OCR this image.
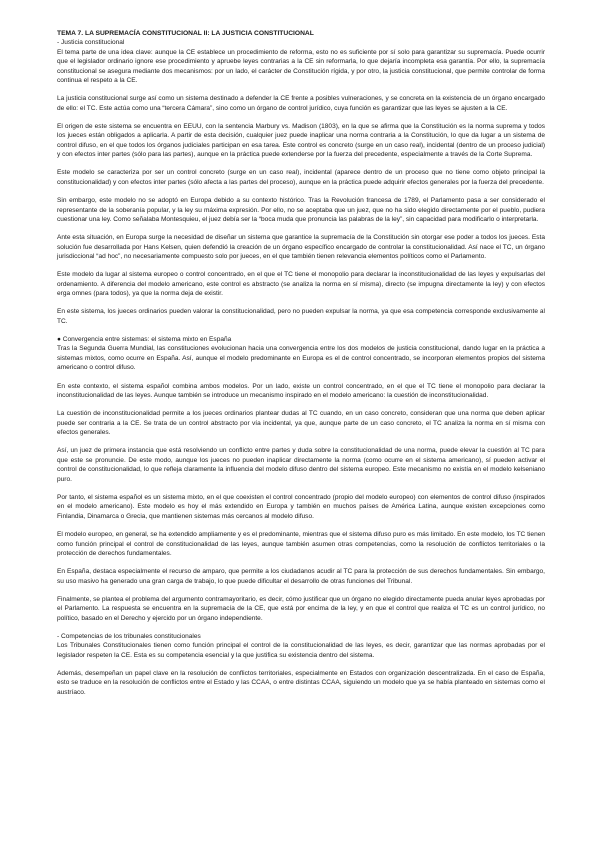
TEMA 7. LA SUPREMACÍA CONSTITUCIONAL II: LA JUSTICIA CONSTITUCIONAL
- Justicia constitucional

El tema parte de una idea clave: aunque la CE establece un procedimiento de reforma, esto no es suficiente por sí solo para garantizar su supremacía. Puede ocurrir que el legislador ordinario ignore ese procedimiento y apruebe leyes contrarias a la CE sin reformarla, lo que dejaría incompleta esa garantía. Por ello, la supremacía constitucional se asegura mediante dos mecanismos: por un lado, el carácter de Constitución rígida, y por otro, la justicia constitucional, que permite controlar de forma continua el respeto a la CE.

La justicia constitucional surge así como un sistema destinado a defender la CE frente a posibles vulneraciones, y se concreta en la existencia de un órgano encargado de ello: el TC. Este actúa como una “tercera Cámara”, sino como un órgano de control jurídico, cuya función es garantizar que las leyes se ajusten a la CE.

El origen de este sistema se encuentra en EEUU, con la sentencia Marbury vs. Madison (1803), en la que se afirma que la Constitución es la norma suprema y todos los jueces están obligados a aplicarla. A partir de esta decisión, cualquier juez puede inaplicar una norma contraria a la Constitución, lo que da lugar a un sistema de control difuso, en el que todos los órganos judiciales participan en esa tarea. Este control es concreto (surge en un caso real), incidental (dentro de un proceso judicial) y con efectos inter partes (sólo para las partes), aunque en la práctica puede extenderse por la fuerza del precedente, especialmente a través de la Corte Suprema.

Este modelo se caracteriza por ser un control concreto (surge en un caso real), incidental (aparece dentro de un proceso que no tiene como objeto principal la constitucionalidad) y con efectos inter partes (sólo afecta a las partes del proceso), aunque en la práctica puede adquirir efectos generales por la fuerza del precedente.

Sin embargo, este modelo no se adoptó en Europa debido a su contexto histórico. Tras la Revolución francesa de 1789, el Parlamento pasa a ser considerado el representante de la soberanía popular, y la ley su máxima expresión. Por ello, no se aceptaba que un juez, que no ha sido elegido directamente por el pueblo, pudiera cuestionar una ley. Como señalaba Montesquieu, el juez debía ser la “boca muda que pronuncia las palabras de la ley”, sin capacidad para modificarlo o interpretarla.

Ante esta situación, en Europa surge la necesidad de diseñar un sistema que garantice la supremacía de la Constitución sin otorgar ese poder a todos los jueces. Esta solución fue desarrollada por Hans Kelsen, quien defendió la creación de un órgano específico encargado de controlar la constitucionalidad. Así nace el TC, un órgano jurisdiccional “ad hoc”, no necesariamente compuesto solo por jueces, en el que también tienen relevancia elementos políticos como el Parlamento.

Este modelo da lugar al sistema europeo o control concentrado, en el que el TC tiene el monopolio para declarar la inconstitucionalidad de las leyes y expulsarlas del ordenamiento. A diferencia del modelo americano, este control es abstracto (se analiza la norma en sí misma), directo (se impugna directamente la ley) y con efectos erga omnes (para todos), ya que la norma deja de existir.

En este sistema, los jueces ordinarios pueden valorar la constitucionalidad, pero no pueden expulsar la norma, ya que esa competencia corresponde exclusivamente al TC.

● Convergencia entre sistemas: el sistema mixto en España

Tras la Segunda Guerra Mundial, las constituciones evolucionan hacia una convergencia entre los dos modelos de justicia constitucional, dando lugar en la práctica a sistemas mixtos, como ocurre en España. Así, aunque el modelo predominante en Europa es el de control concentrado, se incorporan elementos propios del sistema americano o control difuso.

En este contexto, el sistema español combina ambos modelos. Por un lado, existe un control concentrado, en el que el TC tiene el monopolio para declarar la inconstitucionalidad de las leyes. Aunque también se introduce un mecanismo inspirado en el modelo americano: la cuestión de inconstitucionalidad.

La cuestión de inconstitucionalidad permite a los jueces ordinarios plantear dudas al TC cuando, en un caso concreto, consideran que una norma que deben aplicar puede ser contraria a la CE. Se trata de un control abstracto por vía incidental, ya que, aunque parte de un caso concreto, el TC analiza la norma en sí misma con efectos generales.

Así, un juez de primera instancia que está resolviendo un conflicto entre partes y duda sobre la constitucionalidad de una norma, puede elevar la cuestión al TC para que este se pronuncie. De este modo, aunque los jueces no pueden inaplicar directamente la norma (como ocurre en el sistema americano), sí pueden activar el control de constitucionalidad, lo que refleja claramente la influencia del modelo difuso dentro del sistema europeo. Este mecanismo no existía en el modelo kelseniano puro.

Por tanto, el sistema español es un sistema mixto, en el que coexisten el control concentrado (propio del modelo europeo) con elementos de control difuso (inspirados en el modelo americano). Este modelo es hoy el más extendido en Europa y también en muchos países de América Latina, aunque existen excepciones como Finlandia, Dinamarca o Grecia, que mantienen sistemas más cercanos al modelo difuso.

El modelo europeo, en general, se ha extendido ampliamente y es el predominante, mientras que el sistema difuso puro es más limitado. En este modelo, los TC tienen como función principal el control de constitucionalidad de las leyes, aunque también asumen otras competencias, como la resolución de conflictos territoriales o la protección de derechos fundamentales.

En España, destaca especialmente el recurso de amparo, que permite a los ciudadanos acudir al TC para la protección de sus derechos fundamentales. Sin embargo, su uso masivo ha generado una gran carga de trabajo, lo que puede dificultar el desarrollo de otras funciones del Tribunal.

Finalmente, se plantea el problema del argumento contramayoritario, es decir, cómo justificar que un órgano no elegido directamente pueda anular leyes aprobadas por el Parlamento. La respuesta se encuentra en la supremacía de la CE, que está por encima de la ley, y en que el control que realiza el TC es un control jurídico, no político, basado en el Derecho y ejercido por un órgano independiente.

- Competencias de los tribunales constitucionales

Los Tribunales Constitucionales tienen como función principal el control de la constitucionalidad de las leyes, es decir, garantizar que las normas aprobadas por el legislador respeten la CE. Esta es su competencia esencial y la que justifica su existencia dentro del sistema.

Además, desempeñan un papel clave en la resolución de conflictos territoriales, especialmente en Estados con organización descentralizada. En el caso de España, esto se traduce en la resolución de conflictos entre el Estado y las CCAA, o entre distintas CCAA, siguiendo un modelo que ya se había planteado en sistemas como el austríaco.
